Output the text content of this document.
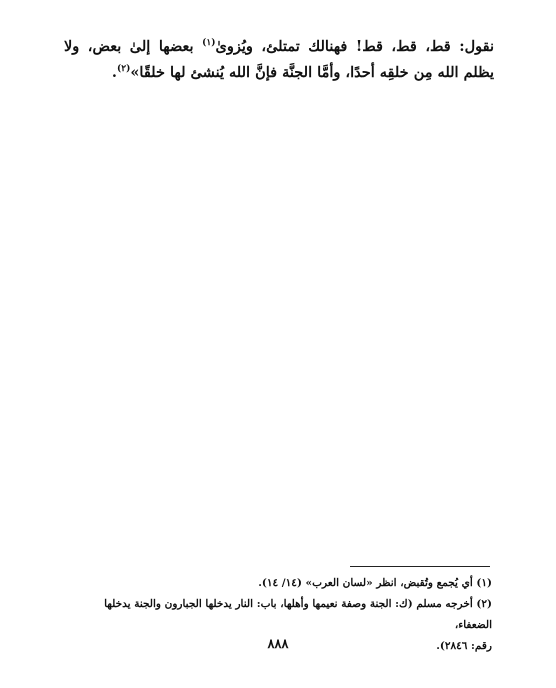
نقول: قط، قط، قط! فهنالك تمتلئ، ويُزوىٰ$^{(١)}$ بعضها إلىٰ بعض، ولا يظلم الله مِن خلقِه أحدًا، وأمَّا الجنَّة فإنَّ الله يُنشئ لها خلقًا»$^{(٢)}$.

(١) أي يُجمع وتُقبض، انظر «لسان العرب» (١٤/ ١٤).

(٢) أخرجه مسلم (ك: الجنة وصفة نعيمها وأهلها، باب: النار يدخلها الجبارون والجنة يدخلها الضعفاء،

رقم: ٢٨٤٦).

٨٨٨
